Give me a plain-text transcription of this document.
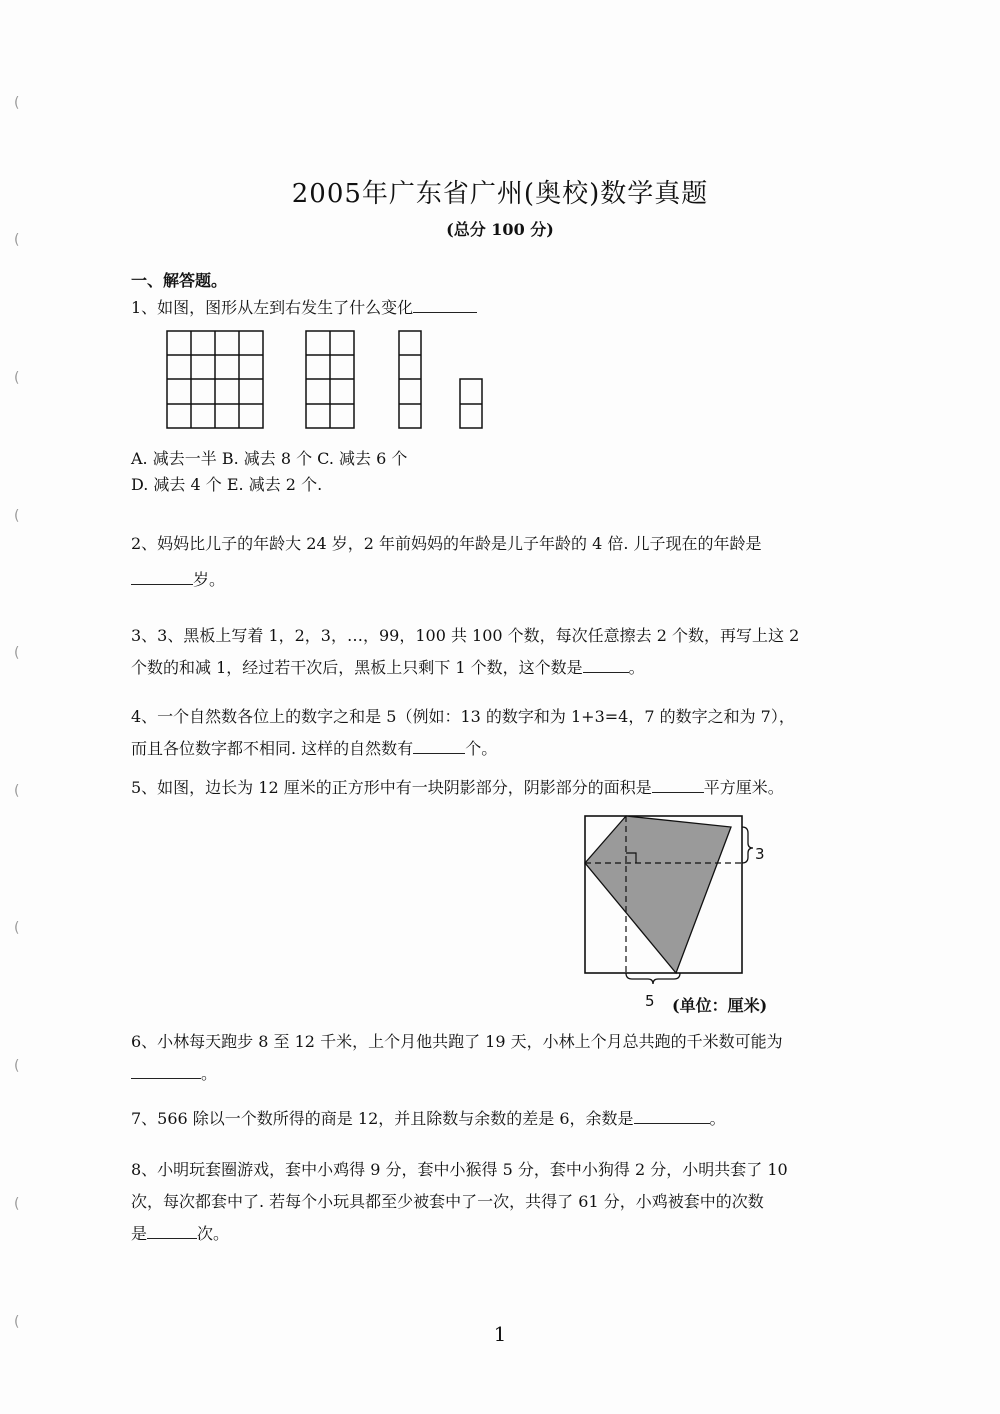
(
(
(
(
(
(
(
(
(
(
2005年广东省广州(奥校)数学真题
(总分 100 分)
一、解答题。
1、如图，图形从左到右发生了什么变化
A. 减去一半 B. 减去 8 个 C. 减去 6 个
D. 减去 4 个 E. 减去 2 个.
2、妈妈比儿子的年龄大 24 岁，2 年前妈妈的年龄是儿子年龄的 4 倍. 儿子现在的年龄是
岁。
3、3、黑板上写着 1，2，3，…，99，100 共 100 个数，每次任意擦去 2 个数，再写上这 2
个数的和减 1，经过若干次后，黑板上只剩下 1 个数，这个数是	。
4、一个自然数各位上的数字之和是 5（例如：13 的数字和为 1+3=4，7 的数字之和为 7），
而且各位数字都不相同. 这样的自然数有	个。
5、如图，边长为 12 厘米的正方形中有一块阴影部分，阴影部分的面积是	平方厘米。
3
5 (单位：厘米)
6、小林每天跑步 8 至 12 千米，上个月他共跑了 19 天，小林上个月总共跑的千米数可能为
。
7、566 除以一个数所得的商是 12，并且除数与余数的差是 6，余数是	。
8、小明玩套圈游戏，套中小鸡得 9 分，套中小猴得 5 分，套中小狗得 2 分，小明共套了 10
次，每次都套中了. 若每个小玩具都至少被套中了一次，共得了 61 分，小鸡被套中的次数
是	次。
1
